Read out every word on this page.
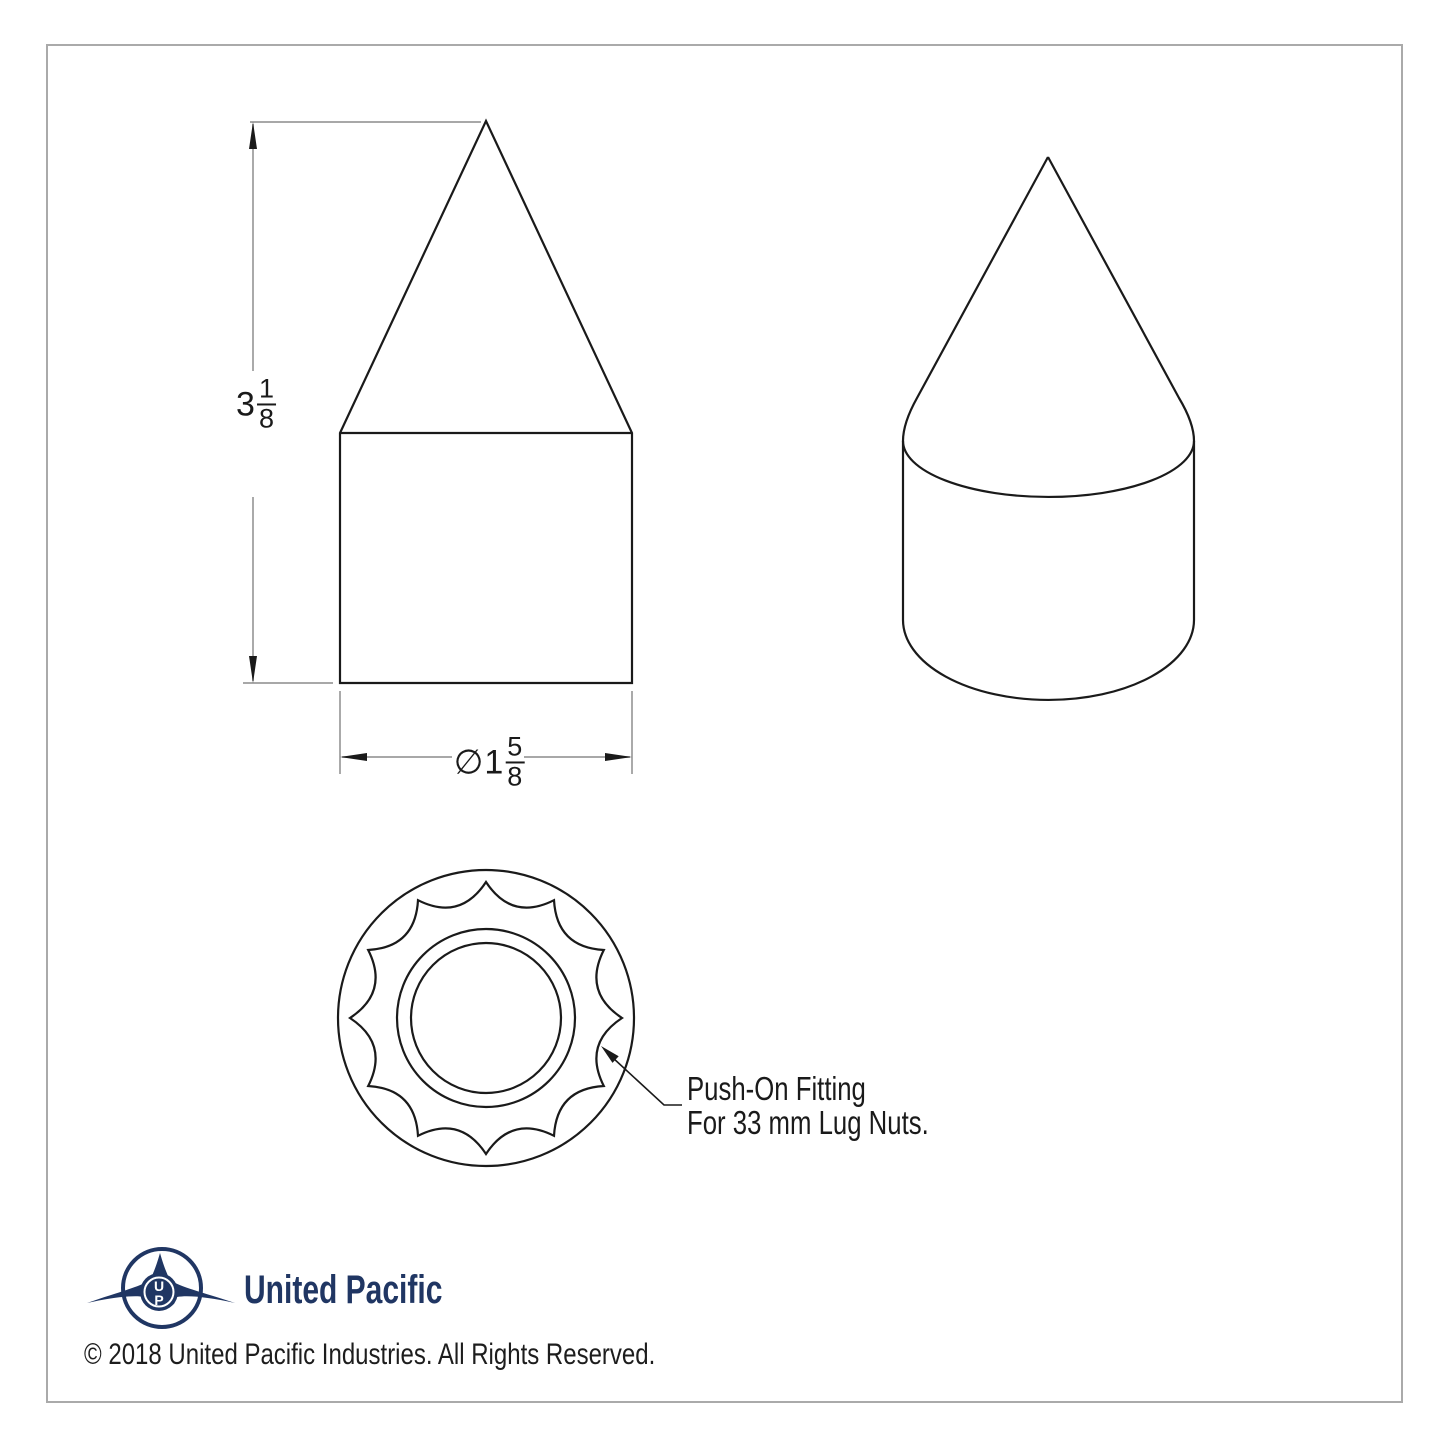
$3 \frac{1}{8}$
∅ $1 \frac{5}{8}$
Push-On Fitting
For 33 mm Lug Nuts.
U
P United Pacific
© 2018 United Pacific Industries. All Rights Reserved.
